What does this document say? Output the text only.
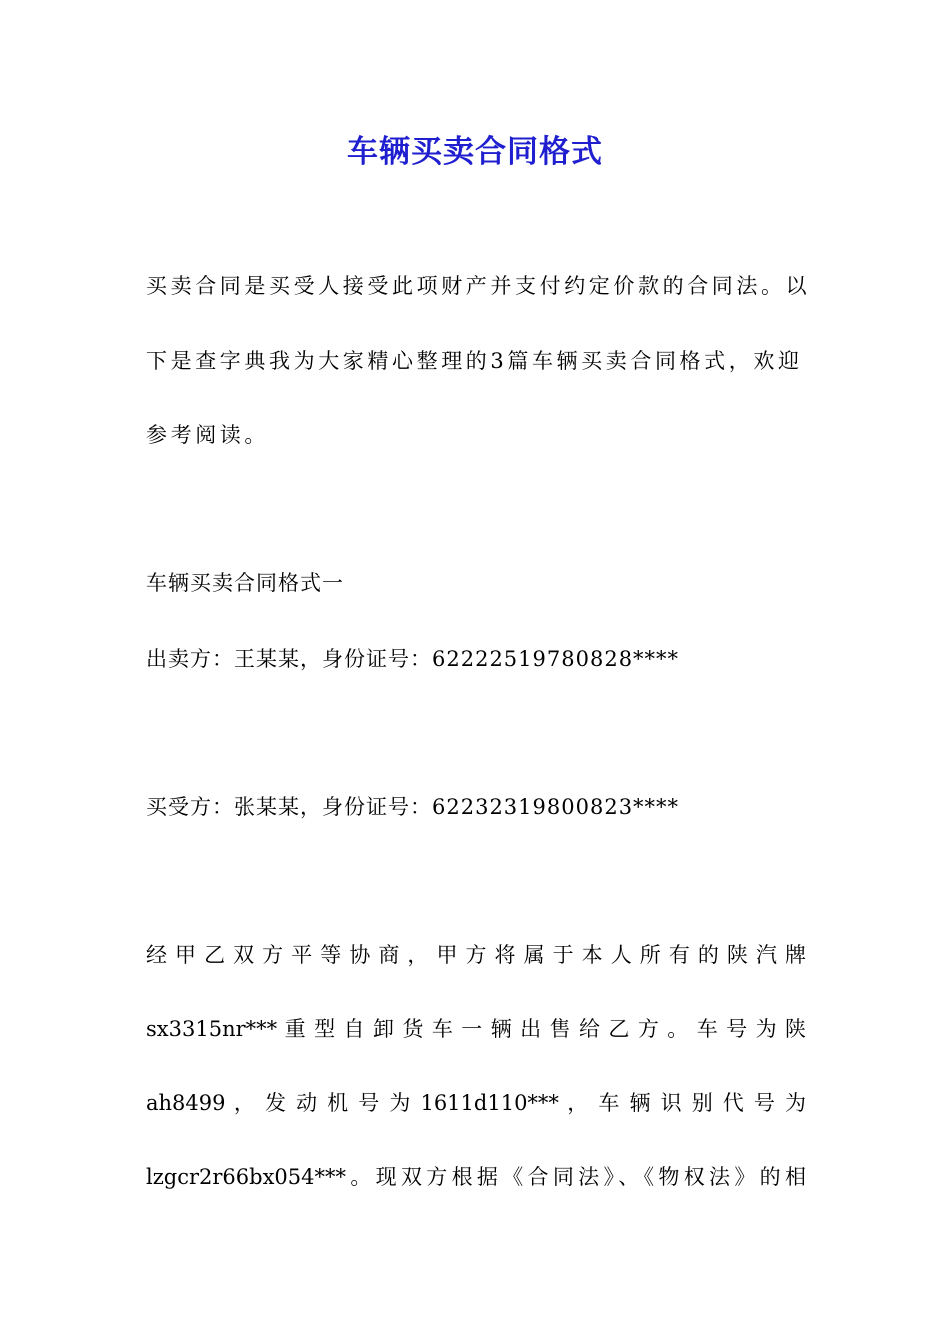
车辆买卖合同格式
买卖合同是买受人接受此项财产并支付约定价款的合同法。以
下是查字典我为大家精心整理的3篇车辆买卖合同格式，欢迎
参考阅读。
车辆买卖合同格式一
出卖方：王某某，身份证号：62222519780828****
买受方：张某某，身份证号：62232319800823****
经 甲 乙 双 方 平 等 协 商 ， 甲 方 将 属 于 本 人 所 有 的 陕 汽 牌
sx3315nr*** 重 型 自 卸 货 车 一 辆 出 售 给 乙 方 。 车 号 为 陕
ah8499 ， 发 动 机 号 为 1611d110*** ， 车 辆 识 别 代 号 为
lzgcr2r66bx054***。现双方根据《合同法》、《物权法》的相
